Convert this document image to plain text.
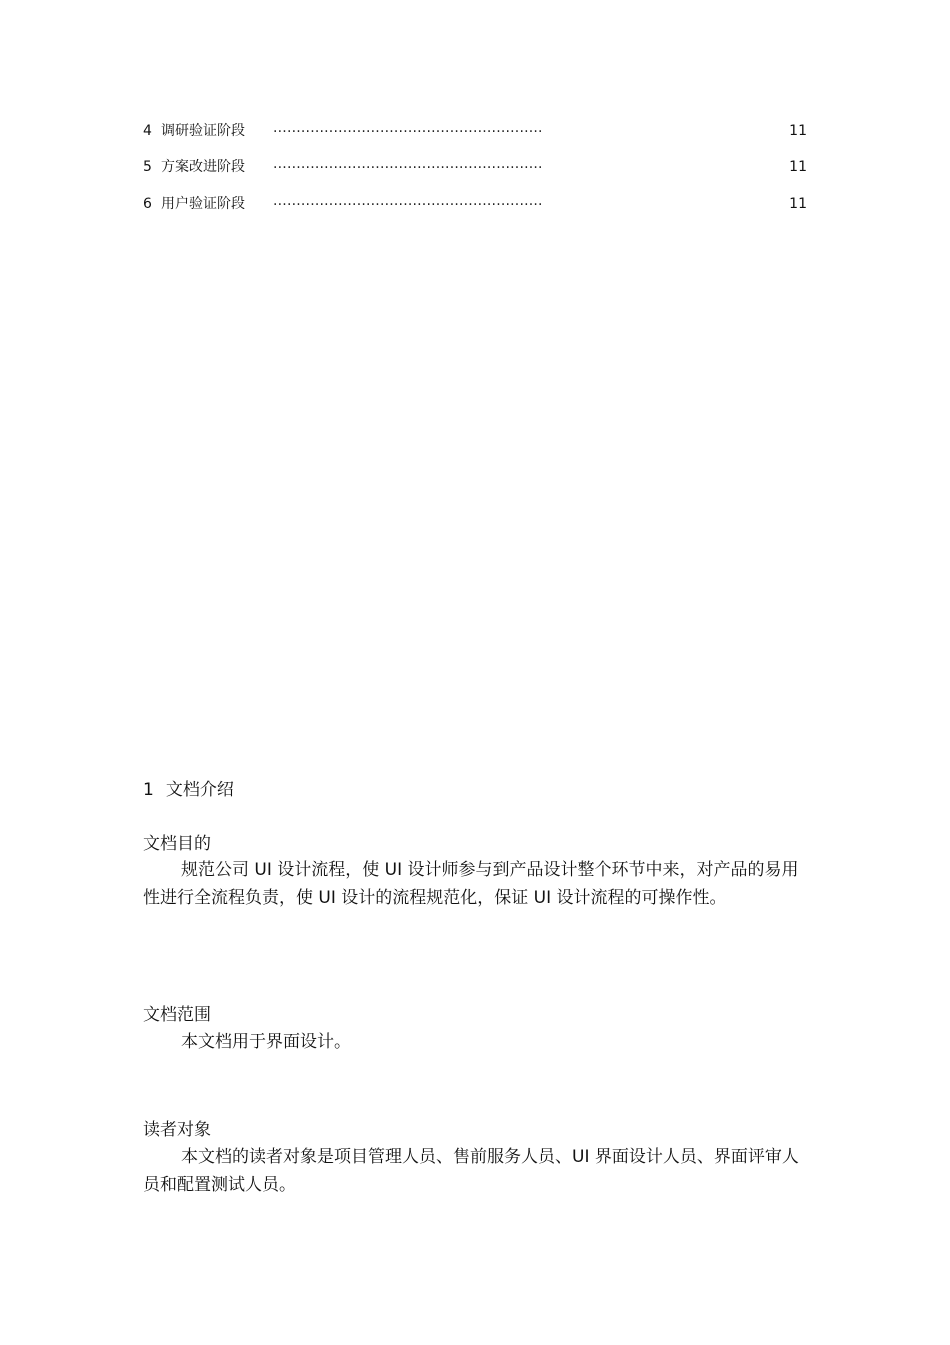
4 调研验证阶段 ..........................................................	11
5 方案改进阶段 ..........................................................	11
6 用户验证阶段 ..........................................................	11
1 文档介绍
文档目的
规范公司 UI 设计流程，使 UI 设计师参与到产品设计整个环节中来，对产品的易用性进行全流程负责，使 UI 设计的流程规范化，保证 UI 设计流程的可操作性。
文档范围
本文档用于界面设计。
读者对象
本文档的读者对象是项目管理人员、售前服务人员、UI 界面设计人员、界面评审人员和配置测试人员。
